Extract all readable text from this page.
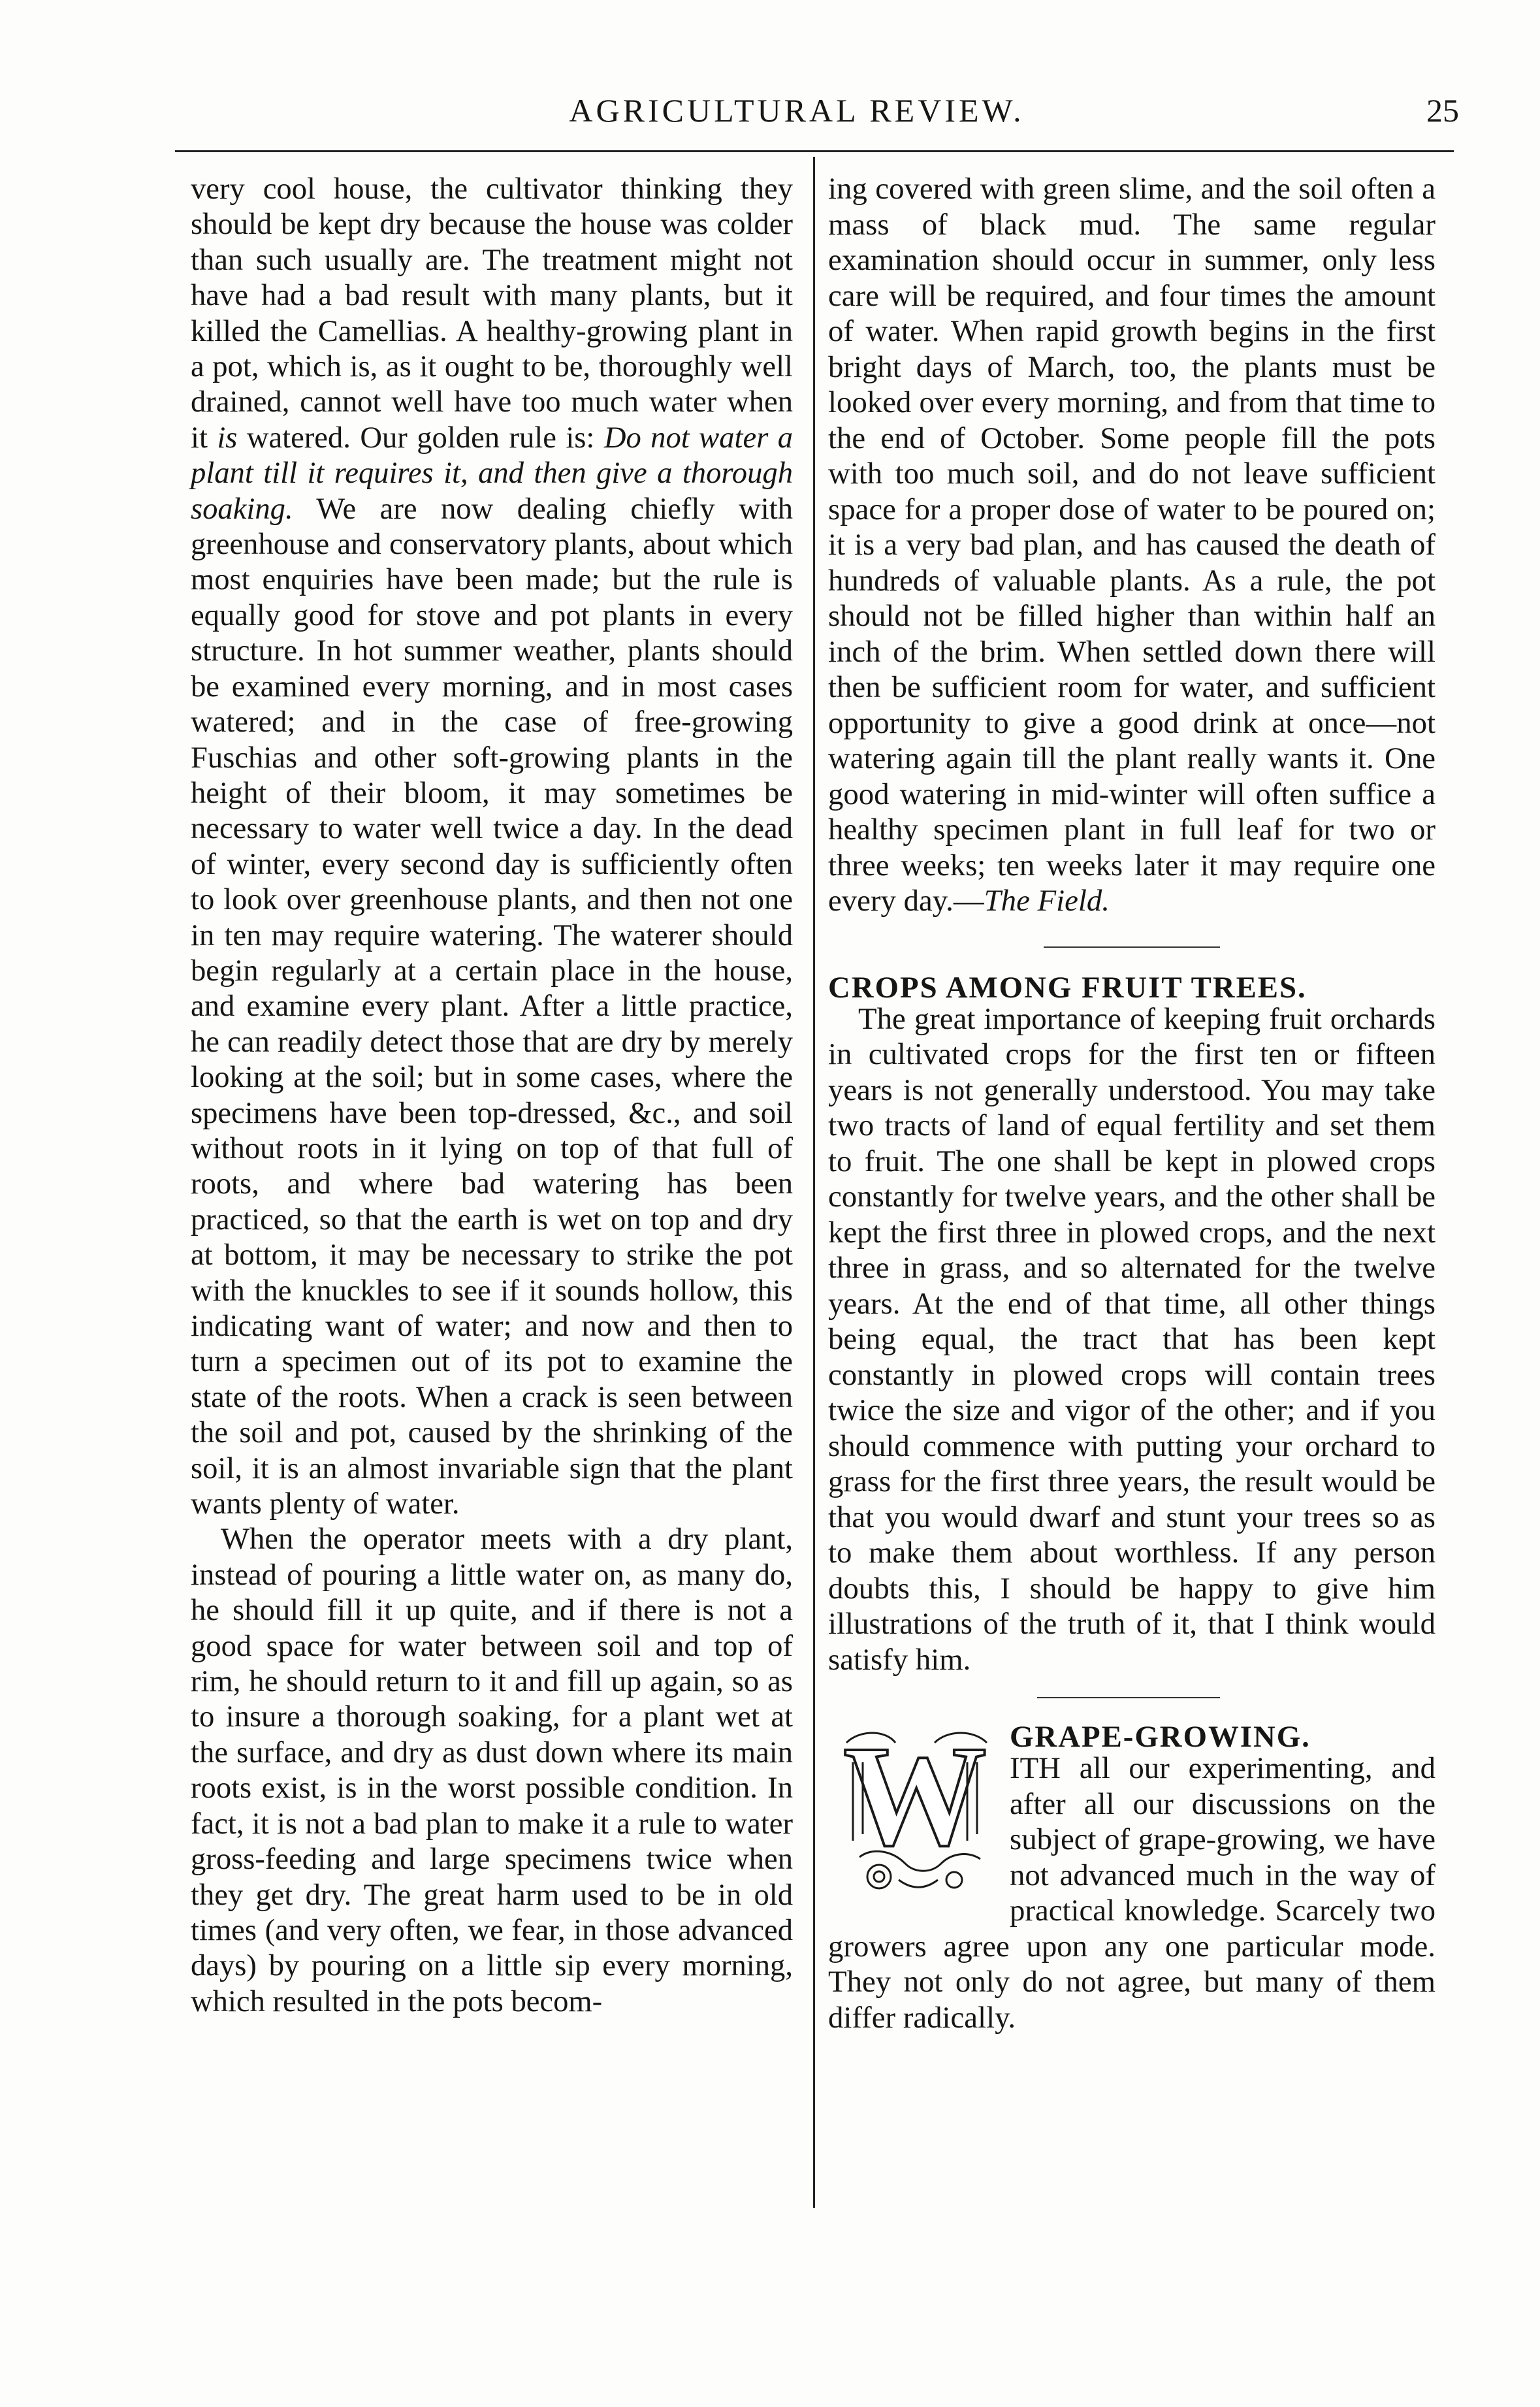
AGRICULTURAL REVIEW.	25

very cool house, the cultivator thinking they should be kept dry because the house was colder than such usually are. The treatment might not have had a bad result with many plants, but it killed the Camellias. A healthy-growing plant in a pot, which is, as it ought to be, thoroughly well drained, cannot well have too much water when it is watered. Our golden rule is: Do not water a plant till it requires it, and then give a thorough soaking. We are now dealing chiefly with greenhouse and conservatory plants, about which most enquiries have been made; but the rule is equally good for stove and pot plants in every structure. In hot summer weather, plants should be examined every morning, and in most cases watered; and in the case of free-growing Fuschias and other soft-growing plants in the height of their bloom, it may sometimes be necessary to water well twice a day. In the dead of winter, every second day is sufficiently often to look over greenhouse plants, and then not one in ten may require watering. The waterer should begin regularly at a certain place in the house, and examine every plant. After a little practice, he can readily detect those that are dry by merely looking at the soil; but in some cases, where the specimens have been top-dressed, &c., and soil without roots in it lying on top of that full of roots, and where bad watering has been practiced, so that the earth is wet on top and dry at bottom, it may be necessary to strike the pot with the knuckles to see if it sounds hollow, this indicating want of water; and now and then to turn a specimen out of its pot to examine the state of the roots. When a crack is seen between the soil and pot, caused by the shrinking of the soil, it is an almost invariable sign that the plant wants plenty of water.

When the operator meets with a dry plant, instead of pouring a little water on, as many do, he should fill it up quite, and if there is not a good space for water between soil and top of rim, he should return to it and fill up again, so as to insure a thorough soaking, for a plant wet at the surface, and dry as dust down where its main roots exist, is in the worst possible condition. In fact, it is not a bad plan to make it a rule to water gross-feeding and large specimens twice when they get dry. The great harm used to be in old times (and very often, we fear, in those advanced days) by pouring on a little sip every morning, which resulted in the pots becom-

ing covered with green slime, and the soil often a mass of black mud. The same regular examination should occur in summer, only less care will be required, and four times the amount of water. When rapid growth begins in the first bright days of March, too, the plants must be looked over every morning, and from that time to the end of October. Some people fill the pots with too much soil, and do not leave sufficient space for a proper dose of water to be poured on; it is a very bad plan, and has caused the death of hundreds of valuable plants. As a rule, the pot should not be filled higher than within half an inch of the brim. When settled down there will then be sufficient room for water, and sufficient opportunity to give a good drink at once—not watering again till the plant really wants it. One good watering in mid-winter will often suffice a healthy specimen plant in full leaf for two or three weeks; ten weeks later it may require one every day.—The Field.

CROPS AMONG FRUIT TREES.

The great importance of keeping fruit orchards in cultivated crops for the first ten or fifteen years is not generally understood. You may take two tracts of land of equal fertility and set them to fruit. The one shall be kept in plowed crops constantly for twelve years, and the other shall be kept the first three in plowed crops, and the next three in grass, and so alternated for the twelve years. At the end of that time, all other things being equal, the tract that has been kept constantly in plowed crops will contain trees twice the size and vigor of the other; and if you should commence with putting your orchard to grass for the first three years, the result would be that you would dwarf and stunt your trees so as to make them about worthless. If any person doubts this, I should be happy to give him illustrations of the truth of it, that I think would satisfy him.

W GRAPE-GROWING.

ITH all our experimenting, and after all our discussions on the subject of grape-growing, we have not advanced much in the way of practical knowledge. Scarcely two growers agree upon any one particular mode. They not only do not agree, but many of them differ radically.
